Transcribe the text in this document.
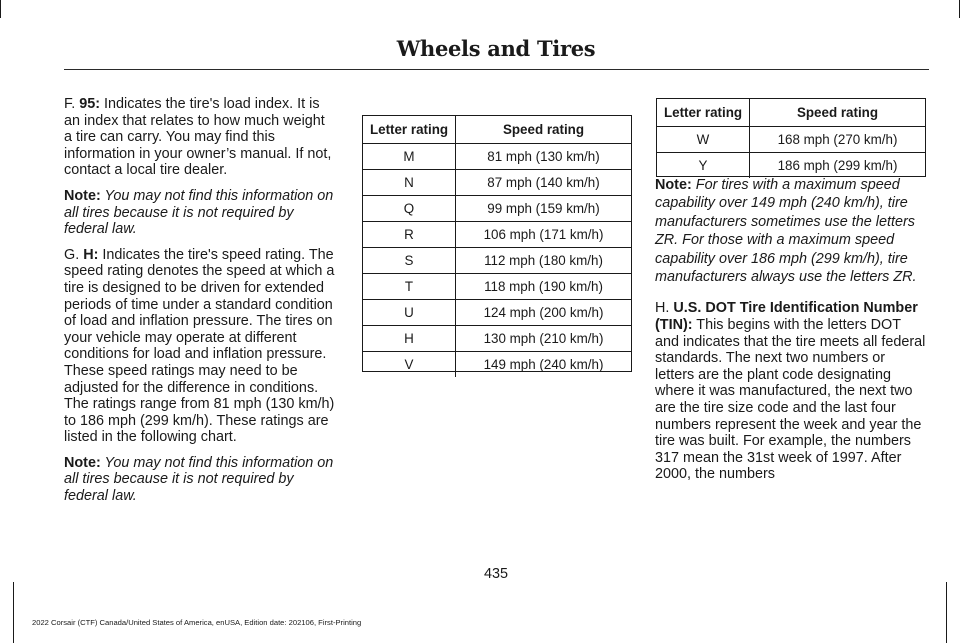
Wheels and Tires

F. 95: Indicates the tire's load index. It is an index that relates to how much weight a tire can carry. You may find this information in your owner’s manual. If not, contact a local tire dealer.

Note: You may not find this information on all tires because it is not required by federal law.

G. H: Indicates the tire's speed rating. The speed rating denotes the speed at which a tire is designed to be driven for extended periods of time under a standard condition of load and inflation pressure. The tires on your vehicle may operate at different conditions for load and inflation pressure. These speed ratings may need to be adjusted for the difference in conditions. The ratings range from 81 mph (130 km/h) to 186 mph (299 km/h). These ratings are listed in the following chart.

Note: You may not find this information on all tires because it is not required by federal law.

Letter rating	Speed rating
M	81 mph (130 km/h)
N	87 mph (140 km/h)
Q	99 mph (159 km/h)
R	106 mph (171 km/h)
S	112 mph (180 km/h)
T	118 mph (190 km/h)
U	124 mph (200 km/h)
H	130 mph (210 km/h)
V	149 mph (240 km/h)
Letter rating	Speed rating
W	168 mph (270 km/h)
Y	186 mph (299 km/h)

Note: For tires with a maximum speed capability over 149 mph (240 km/h), tire manufacturers sometimes use the letters ZR. For those with a maximum speed capability over 186 mph (299 km/h), tire manufacturers always use the letters ZR.

H. U.S. DOT Tire Identification Number (TIN): This begins with the letters DOT and indicates that the tire meets all federal standards. The next two numbers or letters are the plant code designating where it was manufactured, the next two are the tire size code and the last four numbers represent the week and year the tire was built. For example, the numbers 317 mean the 31st week of 1997. After 2000, the numbers

435
2022 Corsair (CTF) Canada/United States of America, enUSA, Edition date: 202106, First-Printing
